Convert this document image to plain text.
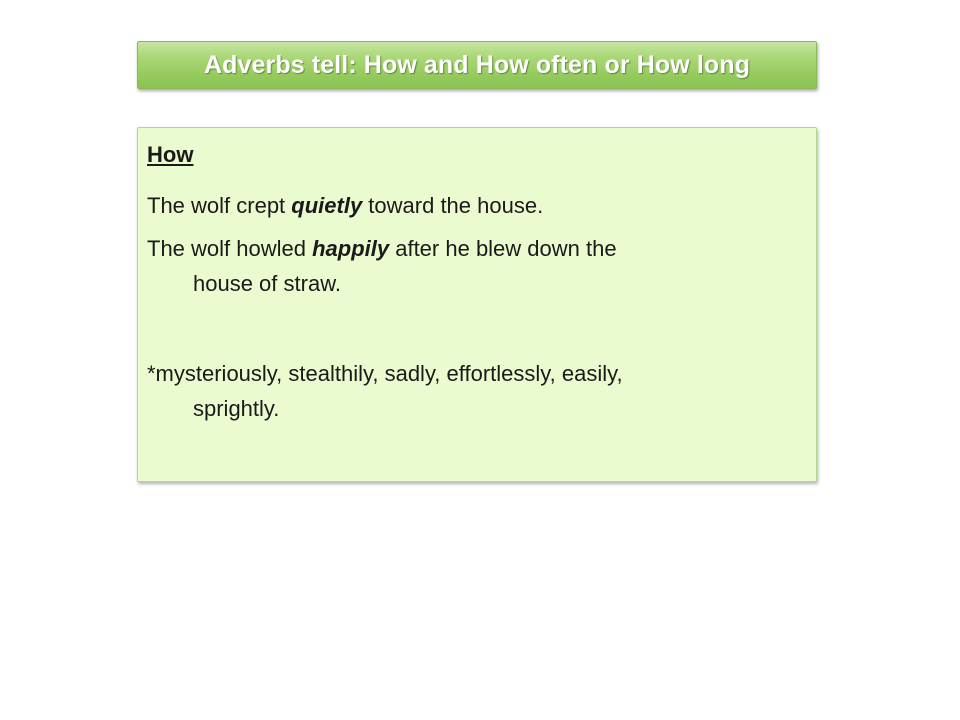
Adverbs tell: How and How often or How long

How

The wolf crept quietly toward the house.

The wolf howled happily after he blew down the

house of straw.

*mysteriously, stealthily, sadly, effortlessly, easily,

sprightly.
